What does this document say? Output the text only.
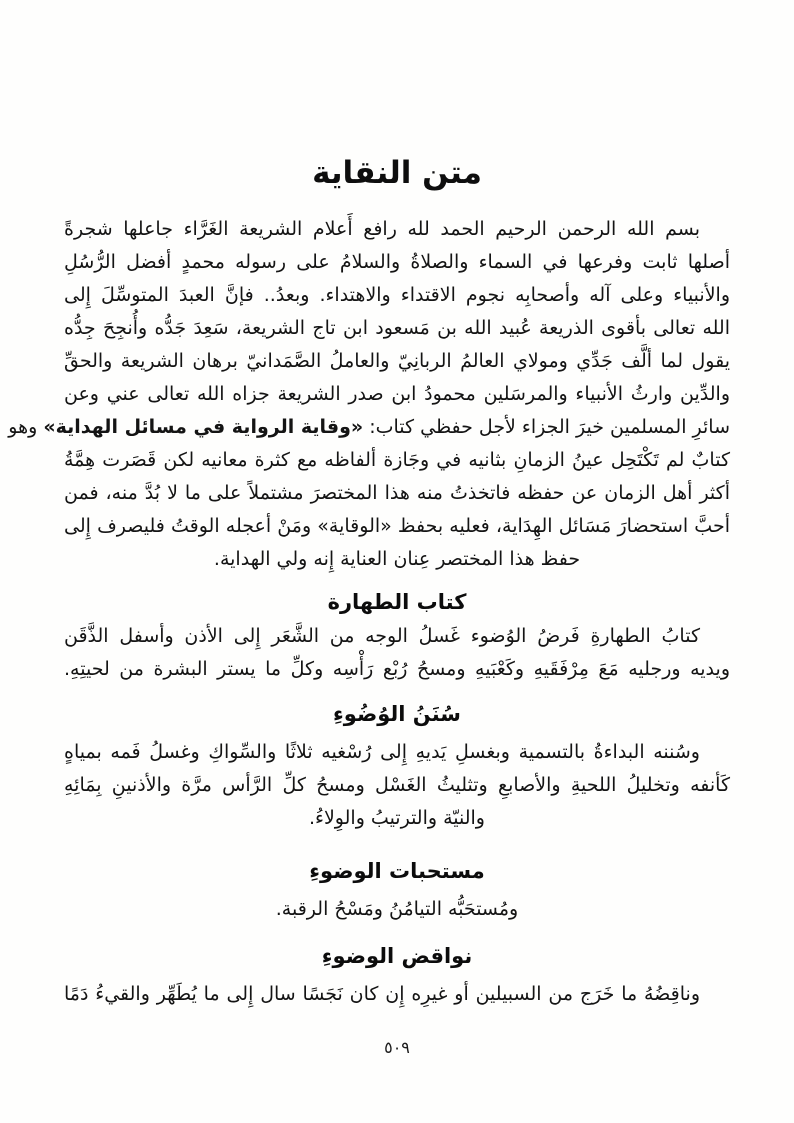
متن النقاية
بسم الله الرحمن الرحيم الحمد لله رافع أَعلام الشريعة الغَرَّاء جاعلها شجرةً
أصلها ثابت وفرعها في السماء والصلاةُ والسلامُ على رسوله محمدٍ أفضل الرُّسُلِ
والأنبياء وعلى آله وأصحابِه نجوم الاقتداء والاهتداء. وبعدُ.. فإنَّ العبدَ المتوسِّلَ إِلى
الله تعالى بأقوى الذريعة عُبيد الله بن مَسعود ابن تاج الشريعة، سَعِدَ جَدُّه وأُنجِحَ جِدُّه
يقول لما ألَّف جَدِّي ومولاي العالمُ الربانِيّ والعاملُ الصَّمَدانيّ برهان الشريعة والحقِّ
والدِّين وارثُ الأنبياء والمرسَلين محمودُ ابن صدر الشريعة جزاه الله تعالى عني وعن
سائرِ المسلمين خيرَ الجزاء لأجل حفظي كتاب: «وقاية الرواية في مسائل الهداية» وهو
كتابٌ لم تَكْتَحِل عينُ الزمانِ بثانيه في وجَازة ألفاظه مع كثرة معانيه لكن قَصَرت هِمَّةُ
أكثر أهل الزمان عن حفظه فاتخذتُ منه هذا المختصرَ مشتملاً على ما لا بُدَّ منه، فمن
أحبَّ استحضارَ مَسَائل الهِدَاية، فعليه بحفظ «الوقاية» ومَنْ أعجله الوقتُ فليصرف إِلى
حفظ هذا المختصر عِنان العناية إِنه ولي الهداية.
كتاب الطهارة
كتابُ الطهارةِ فَرضُ الوُضوء غَسلُ الوجه من الشَّعَر إِلى الأذن وأسفل الذَّقَن
ويديه ورجليه مَعَ مِرْفَقَيهِ وكَعْبَيهِ ومسحُ رُبْع رَأْسِه وكلِّ ما يستر البشرة من لحيتِهِ.
سُنَنُ الوُضُوءِ
وسُننه البداءةُ بالتسمية وبغسلِ يَديهِ إِلى رُسْغيه ثلاثًا والسِّواكِ وغسلُ فَمه بمياهٍ
كَأنفه وتخليلُ اللحيةِ والأصابعِ وتثليثُ الغَسْل ومسحُ كلِّ الرَّأس مرَّة والأذنينِ بِمَائِهِ
والنيّة والترتيبُ والوِلاءُ.
مستحبات الوضوءِ
ومُستحَبُّه التيامُنُ ومَسْحُ الرقبة.
نواقض الوضوءِ
وناقِضُهُ ما خَرَج من السبيلين أو غيرِه إِن كان نَجَسًا سال إِلى ما يُطَهِّر والقيءُ دَمًا
٥٠٩
